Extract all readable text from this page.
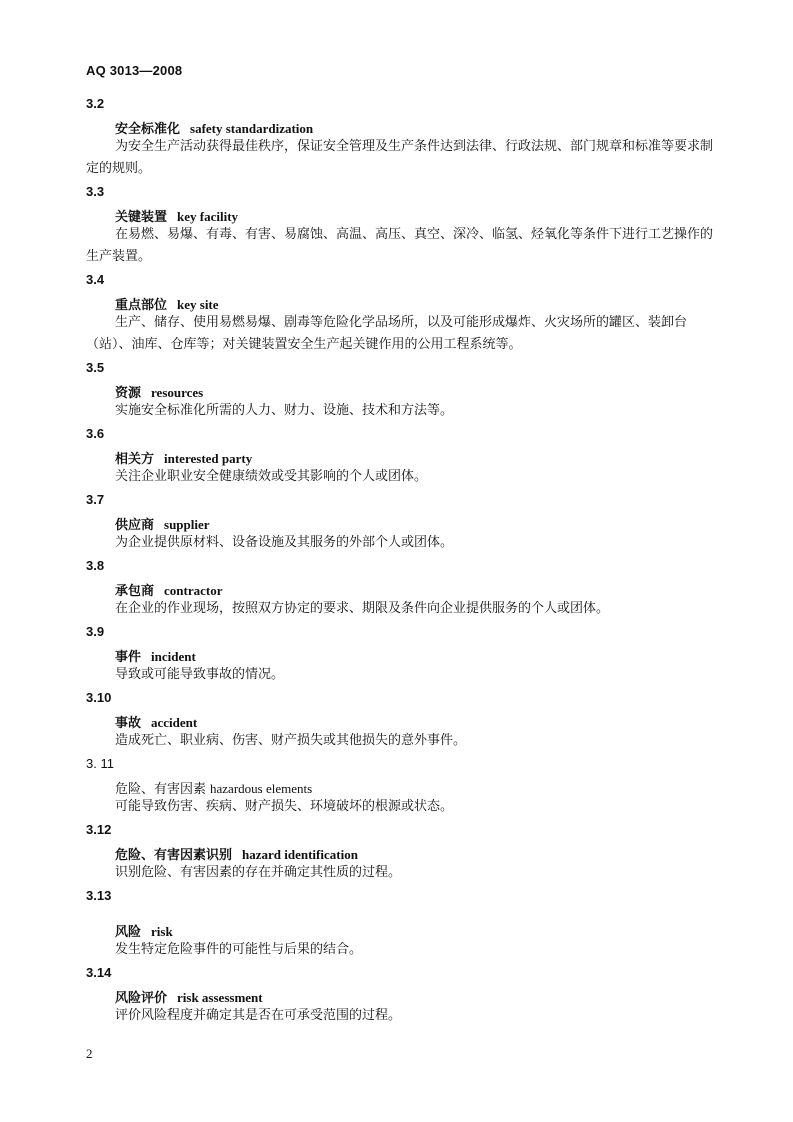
AQ 3013—2008
3.2
安全标准化 safety standardization
为安全生产活动获得最佳秩序，保证安全管理及生产条件达到法律、行政法规、部门规章和标准等要求制定的规则。
3.3
关键装置 key facility
在易燃、易爆、有毒、有害、易腐蚀、高温、高压、真空、深冷、临氢、烃氧化等条件下进行工艺操作的生产装置。
3.4
重点部位 key site
生产、储存、使用易燃易爆、剧毒等危险化学品场所，以及可能形成爆炸、火灾场所的罐区、装卸台（站）、油库、仓库等；对关键装置安全生产起关键作用的公用工程系统等。
3.5
资源 resources
实施安全标准化所需的人力、财力、设施、技术和方法等。
3.6
相关方 interested party
关注企业职业安全健康绩效或受其影响的个人或团体。
3.7
供应商 supplier
为企业提供原材料、设备设施及其服务的外部个人或团体。
3.8
承包商 contractor
在企业的作业现场，按照双方协定的要求、期限及条件向企业提供服务的个人或团体。
3.9
事件 incident
导致或可能导致事故的情况。
3.10
事故 accident
造成死亡、职业病、伤害、财产损失或其他损失的意外事件。
3. 11
危险、有害因素 hazardous elements
可能导致伤害、疾病、财产损失、环境破坏的根源或状态。
3.12
危险、有害因素识别 hazard identification
识别危险、有害因素的存在并确定其性质的过程。
3.13
风险 risk
发生特定危险事件的可能性与后果的结合。
3.14
风险评价 risk assessment
评价风险程度并确定其是否在可承受范围的过程。
2
